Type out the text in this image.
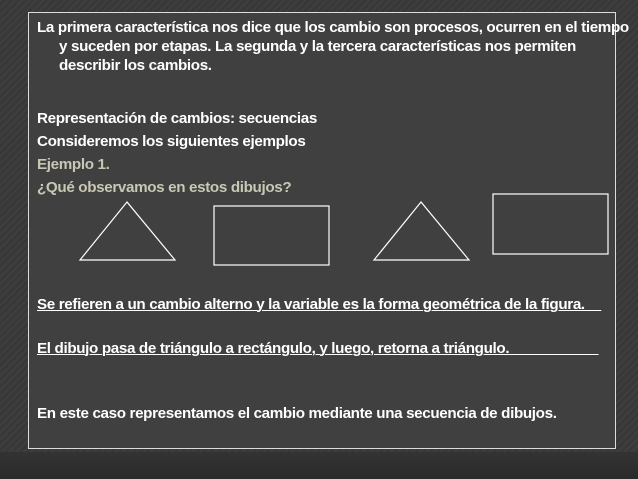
La primera característica nos dice que los cambio son procesos, ocurren en el tiempo y suceden por etapas. La segunda y la tercera características nos permiten describir los cambios.

Representación de cambios: secuencias

Consideremos los siguientes ejemplos

Ejemplo 1.

¿Qué observamos en estos dibujos?

Se refieren a un cambio alterno y la variable es la forma geométrica de la figura.__

El dibujo pasa de triángulo a rectángulo, y luego, retorna a triángulo.___________

En este caso representamos el cambio mediante una secuencia de dibujos.
